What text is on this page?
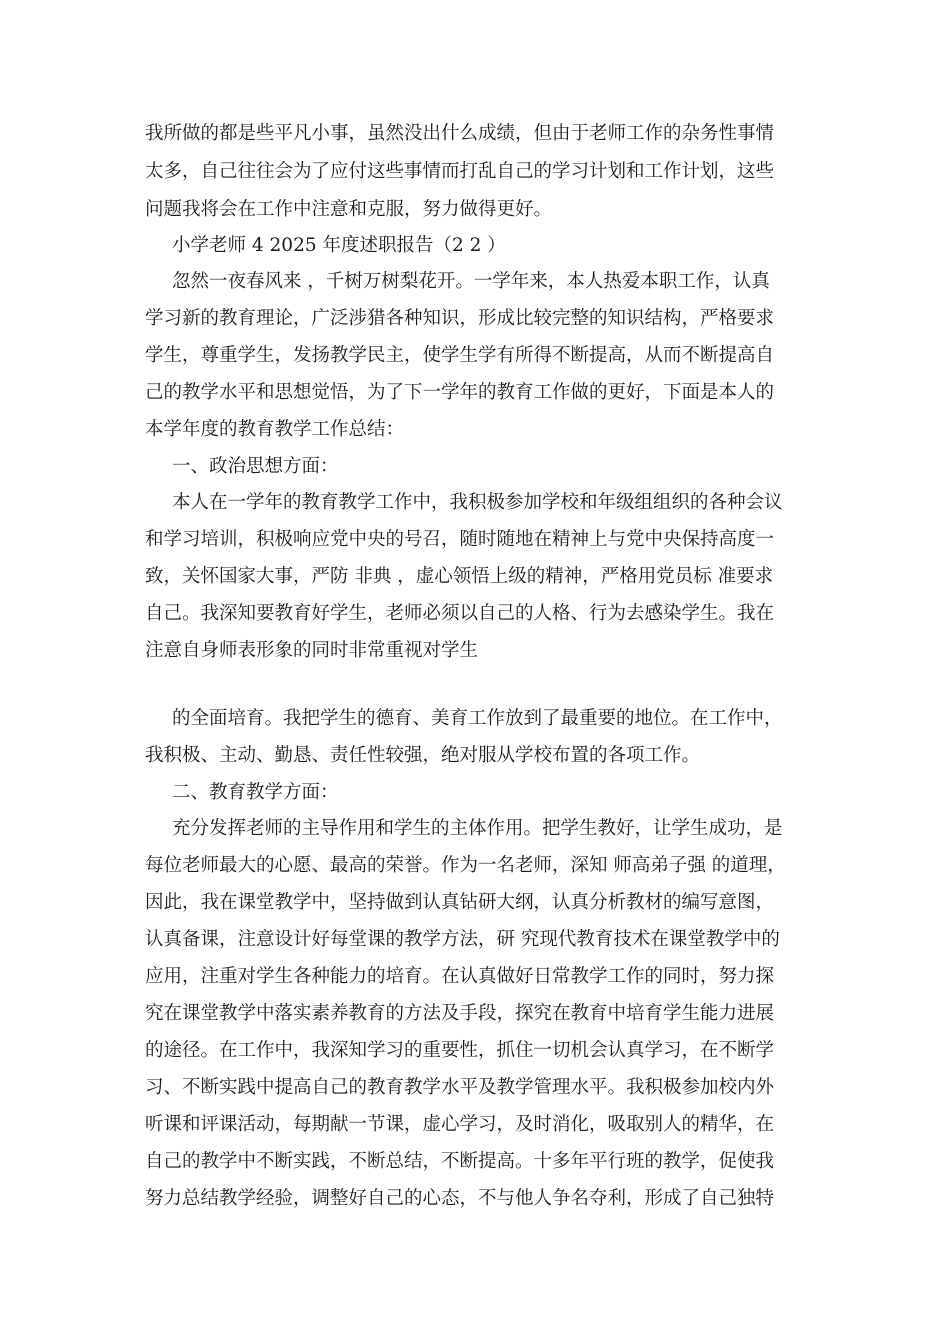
我所做的都是些平凡小事，虽然没出什么成绩，但由于老师工作的杂务性事情
太多，自己往往会为了应付这些事情而打乱自己的学习计划和工作计划，这些
问题我将会在工作中注意和克服，努力做得更好。
小学老师 4 2025 年度述职报告（2 2 ）
忽然一夜春风来 ，千树万树梨花开。一学年来，本人热爱本职工作，认真
学习新的教育理论，广泛涉猎各种知识，形成比较完整的知识结构，严格要求
学生，尊重学生，发扬教学民主，使学生学有所得不断提高，从而不断提高自
己的教学水平和思想觉悟，为了下一学年的教育工作做的更好，下面是本人的
本学年度的教育教学工作总结：
一、政治思想方面：
本人在一学年的教育教学工作中，我积极参加学校和年级组组织的各种会议
和学习培训，积极响应党中央的号召，随时随地在精神上与党中央保持高度一
致，关怀国家大事，严防 非典 ，虚心领悟上级的精神，严格用党员标 准要求
自己。我深知要教育好学生，老师必须以自己的人格、行为去感染学生。我在
注意自身师表形象的同时非常重视对学生
的全面培育。我把学生的德育、美育工作放到了最重要的地位。在工作中，
我积极、主动、勤恳、责任性较强，绝对服从学校布置的各项工作。
二、教育教学方面：
充分发挥老师的主导作用和学生的主体作用。把学生教好，让学生成功，是
每位老师最大的心愿、最高的荣誉。作为一名老师，深知 师高弟子强 的道理，
因此，我在课堂教学中，坚持做到认真钻研大纲，认真分析教材的编写意图，
认真备课，注意设计好每堂课的教学方法，研 究现代教育技术在课堂教学中的
应用，注重对学生各种能力的培育。在认真做好日常教学工作的同时，努力探
究在课堂教学中落实素养教育的方法及手段，探究在教育中培育学生能力进展
的途径。在工作中，我深知学习的重要性，抓住一切机会认真学习，在不断学
习、不断实践中提高自己的教育教学水平及教学管理水平。我积极参加校内外
听课和评课活动，每期献一节课，虚心学习，及时消化，吸取别人的精华，在
自己的教学中不断实践，不断总结，不断提高。十多年平行班的教学，促使我
努力总结教学经验，调整好自己的心态，不与他人争名夺利，形成了自己独特
